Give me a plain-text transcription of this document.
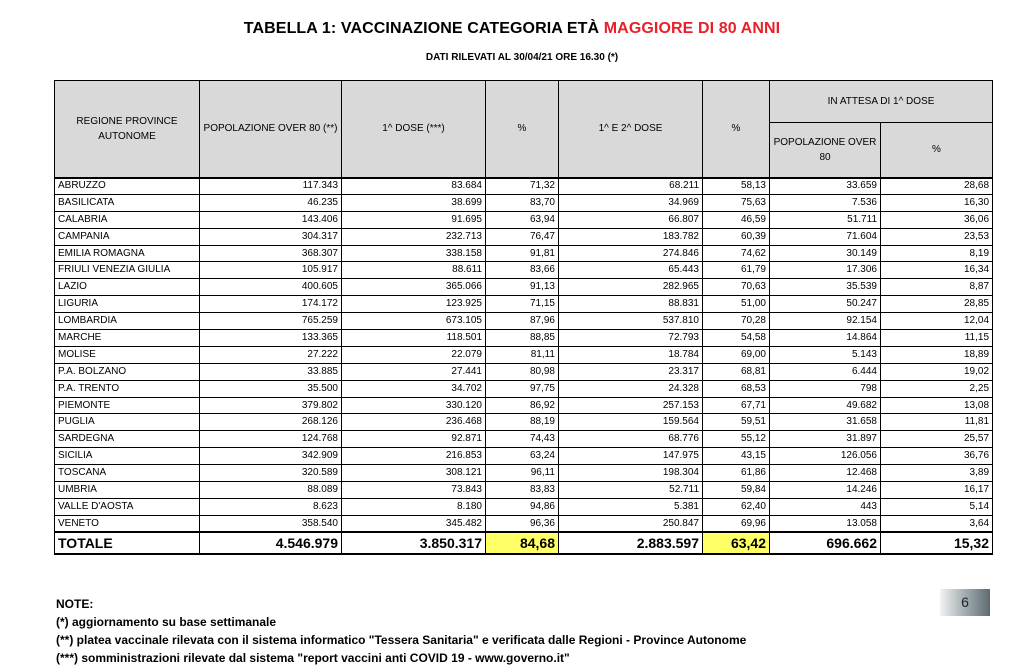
TABELLA 1: VACCINAZIONE CATEGORIA ETÀ MAGGIORE DI 80 ANNI
DATI RILEVATI AL 30/04/21 ORE 16.30 (*)
REGIONE PROVINCE AUTONOME	POPOLAZIONE OVER 80 (**)	1^ DOSE (***)	%	1^ E 2^ DOSE	%	IN ATTESA DI 1^ DOSE	
						POPOLAZIONE OVER 80	%
ABRUZZO	117.343	83.684	71,32	68.211	58,13	33.659	28,68
BASILICATA	46.235	38.699	83,70	34.969	75,63	7.536	16,30
CALABRIA	143.406	91.695	63,94	66.807	46,59	51.711	36,06
CAMPANIA	304.317	232.713	76,47	183.782	60,39	71.604	23,53
EMILIA ROMAGNA	368.307	338.158	91,81	274.846	74,62	30.149	8,19
FRIULI VENEZIA GIULIA	105.917	88.611	83,66	65.443	61,79	17.306	16,34
LAZIO	400.605	365.066	91,13	282.965	70,63	35.539	8,87
LIGURIA	174.172	123.925	71,15	88.831	51,00	50.247	28,85
LOMBARDIA	765.259	673.105	87,96	537.810	70,28	92.154	12,04
MARCHE	133.365	118.501	88,85	72.793	54,58	14.864	11,15
MOLISE	27.222	22.079	81,11	18.784	69,00	5.143	18,89
P.A. BOLZANO	33.885	27.441	80,98	23.317	68,81	6.444	19,02
P.A. TRENTO	35.500	34.702	97,75	24.328	68,53	798	2,25
PIEMONTE	379.802	330.120	86,92	257.153	67,71	49.682	13,08
PUGLIA	268.126	236.468	88,19	159.564	59,51	31.658	11,81
SARDEGNA	124.768	92.871	74,43	68.776	55,12	31.897	25,57
SICILIA	342.909	216.853	63,24	147.975	43,15	126.056	36,76
TOSCANA	320.589	308.121	96,11	198.304	61,86	12.468	3,89
UMBRIA	88.089	73.843	83,83	52.711	59,84	14.246	16,17
VALLE D'AOSTA	8.623	8.180	94,86	5.381	62,40	443	5,14
VENETO	358.540	345.482	96,36	250.847	69,96	13.058	3,64
TOTALE	4.546.979	3.850.317	84,68	2.883.597	63,42	696.662	15,32
NOTE:
(*) aggiornamento su base settimanale
(**) platea vaccinale rilevata con il sistema informatico "Tessera Sanitaria" e verificata dalle Regioni - Province Autonome
(***) somministrazioni rilevate dal sistema "report vaccini anti COVID 19 - www.governo.it"
6
